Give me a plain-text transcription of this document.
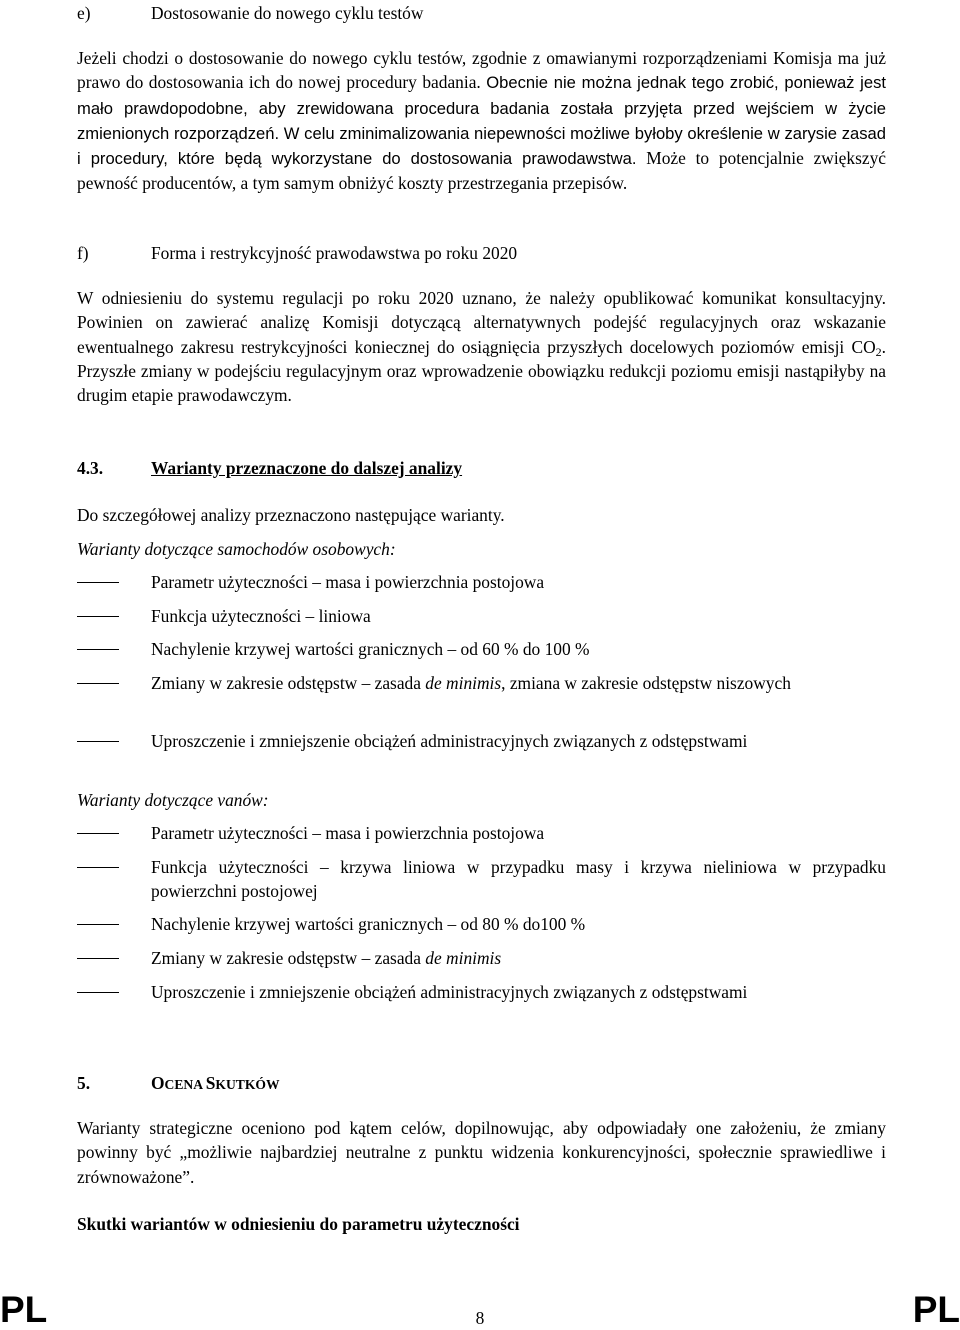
e)	Dostosowanie do nowego cyklu testów
Jeżeli chodzi o dostosowanie do nowego cyklu testów, zgodnie z omawianymi rozporządzeniami Komisja ma już prawo do dostosowania ich do nowej procedury badania. Obecnie nie można jednak tego zrobić, ponieważ jest mało prawdopodobne, aby zrewidowana procedura badania została przyjęta przed wejściem w życie zmienionych rozporządzeń. W celu zminimalizowania niepewności możliwe byłoby określenie w zarysie zasad i procedury, które będą wykorzystane do dostosowania prawodawstwa. Może to potencjalnie zwiększyć pewność producentów, a tym samym obniżyć koszty przestrzegania przepisów.
f)	Forma i restrykcyjność prawodawstwa po roku 2020
W odniesieniu do systemu regulacji po roku 2020 uznano, że należy opublikować komunikat konsultacyjny. Powinien on zawierać analizę Komisji dotyczącą alternatywnych podejść regulacyjnych oraz wskazanie ewentualnego zakresu restrykcyjności koniecznej do osiągnięcia przyszłych docelowych poziomów emisji $CO_2$. Przyszłe zmiany w podejściu regulacyjnym oraz wprowadzenie obowiązku redukcji poziomu emisji nastąpiłyby na drugim etapie prawodawczym.
4.3.	Warianty przeznaczone do dalszej analizy
Do szczegółowej analizy przeznaczono następujące warianty.
Warianty dotyczące samochodów osobowych:
Parametr użyteczności – masa i powierzchnia postojowa
Funkcja użyteczności – liniowa
Nachylenie krzywej wartości granicznych – od 60 % do 100 %
Zmiany w zakresie odstępstw – zasada de minimis, zmiana w zakresie odstępstw niszowych
Uproszczenie i zmniejszenie obciążeń administracyjnych związanych z odstępstwami
Warianty dotyczące vanów:
Parametr użyteczności – masa i powierzchnia postojowa
Funkcja użyteczności – krzywa liniowa w przypadku masy i krzywa nieliniowa w przypadku powierzchni postojowej
Nachylenie krzywej wartości granicznych – od 80 % do100 %
Zmiany w zakresie odstępstw – zasada de minimis
Uproszczenie i zmniejszenie obciążeń administracyjnych związanych z odstępstwami
5.	OCENA SKUTKÓW
Warianty strategiczne oceniono pod kątem celów, dopilnowując, aby odpowiadały one założeniu, że zmiany powinny być „możliwie najbardziej neutralne z punktu widzenia konkurencyjności, społecznie sprawiedliwe i zrównoważone”.
Skutki wariantów w odniesieniu do parametru użyteczności
PL	8	PL
